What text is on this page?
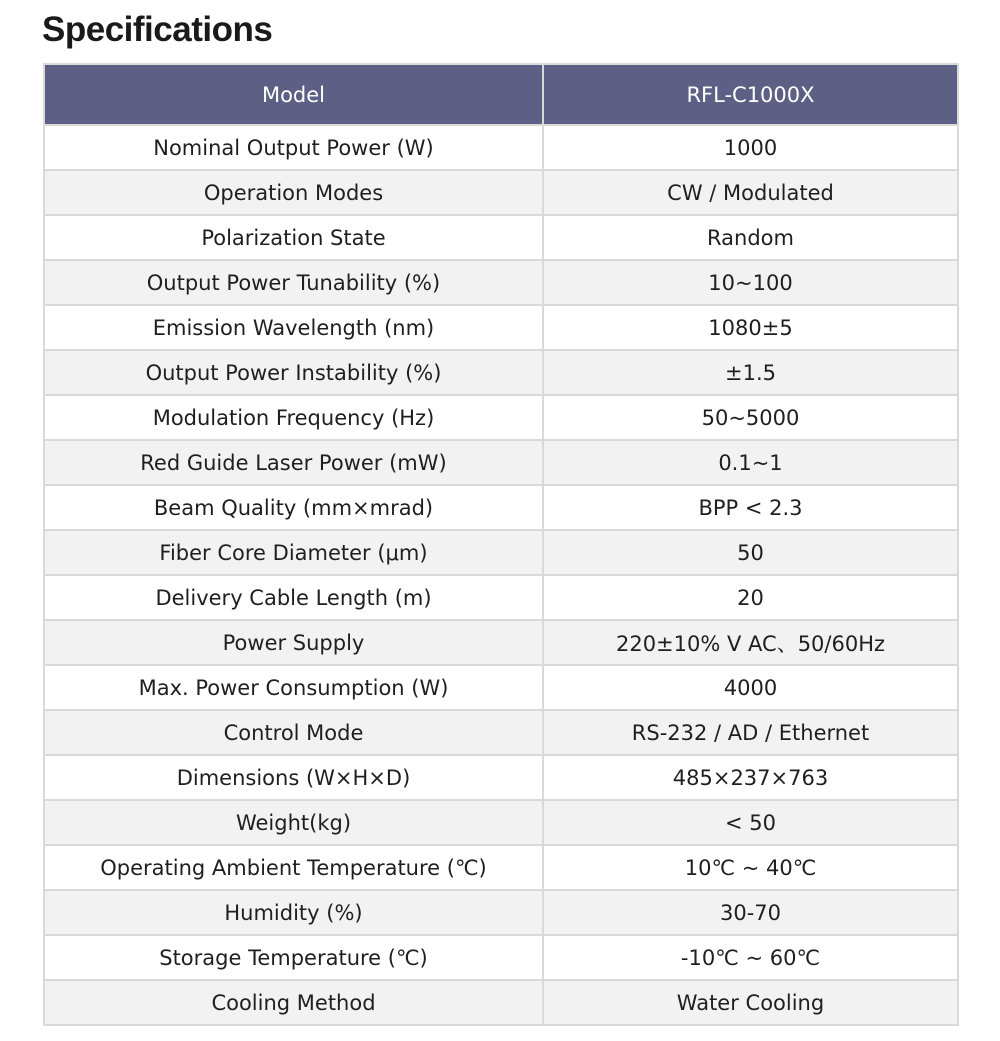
Specifications
Model	RFL-C1000X
Nominal Output Power (W)	1000
Operation Modes	CW / Modulated
Polarization State	Random
Output Power Tunability (%)	10~100
Emission Wavelength (nm)	1080±5
Output Power Instability (%)	±1.5
Modulation Frequency (Hz)	50~5000
Red Guide Laser Power (mW)	0.1~1
Beam Quality (mm×mrad)	BPP < 2.3
Fiber Core Diameter (μm)	50
Delivery Cable Length (m)	20
Power Supply	220±10% V AC、50/60Hz
Max. Power Consumption (W)	4000
Control Mode	RS-232 / AD / Ethernet
Dimensions (W×H×D)	485×237×763
Weight(kg)	< 50
Operating Ambient Temperature (℃)	10℃ ~ 40℃
Humidity (%)	30-70
Storage Temperature (℃)	-10℃ ~ 60℃
Cooling Method	Water Cooling
